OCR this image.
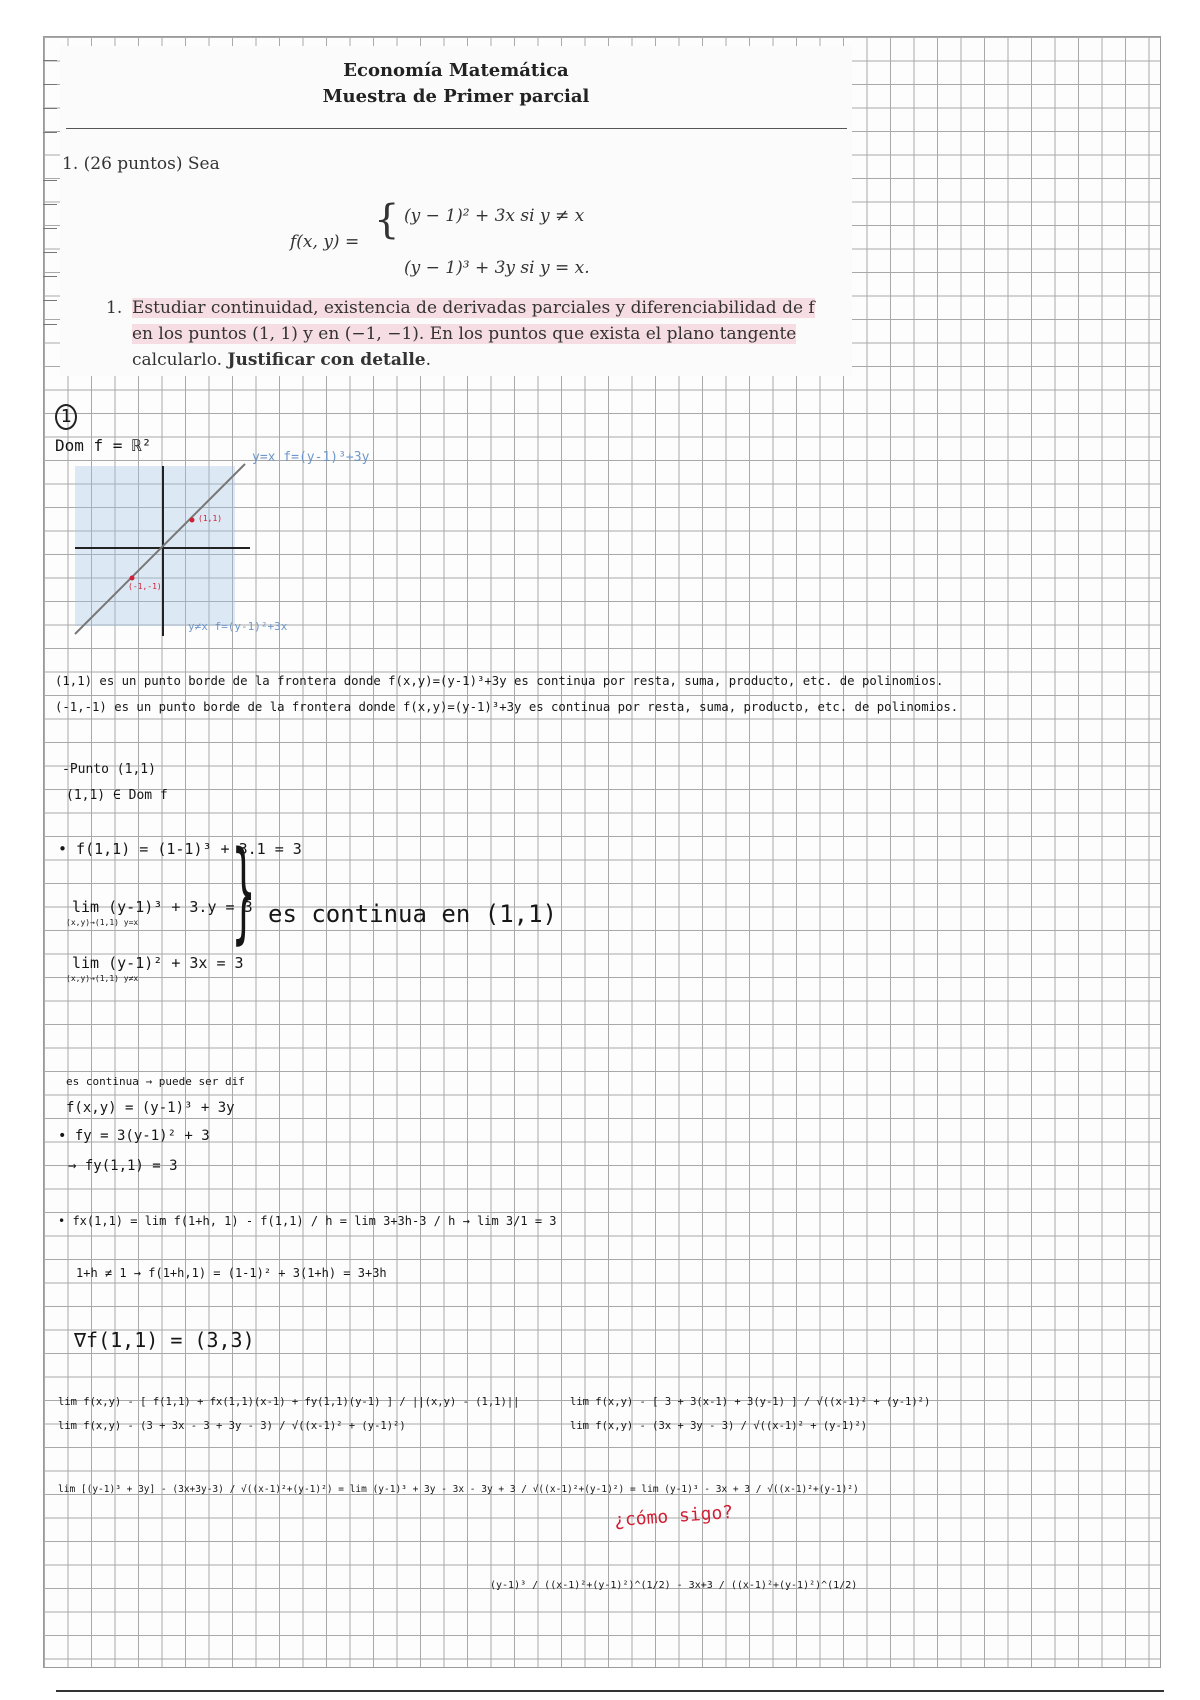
Economía Matemática
Muestra de Primer parcial
1. (26 puntos) Sea
f(x, y) = { (y − 1)² + 3x si y ≠ x
(y − 1)³ + 3y si y = x.
1. Estudiar continuidad, existencia de derivadas parciales y diferenciabilidad de f
en los puntos (1, 1) y en (−1, −1). En los puntos que exista el plano tangente
calcularlo. Justificar con detalle.
1
Dom f = ℝ²
(1,1)
(-1,-1)
y=x f=(y-1)³+3y
y≠x f=(y-1)²+3x
(1,1) es un punto borde de la frontera donde f(x,y)=(y-1)³+3y es continua por resta, suma, producto, etc. de polinomios.
(-1,-1) es un punto borde de la frontera donde f(x,y)=(y-1)³+3y es continua por resta, suma, producto, etc. de polinomios.
-Punto (1,1)
(1,1) ∈ Dom f
• f(1,1) = (1-1)³ + 3.1 = 3
lim (y-1)³ + 3.y = 3
(x,y)→(1,1) y=x
lim (y-1)² + 3x = 3
(x,y)→(1,1) y≠x
} es continua en (1,1)
es continua → puede ser dif
f(x,y) = (y-1)³ + 3y
• fy = 3(y-1)² + 3
→ fy(1,1) = 3
• fx(1,1) = lim f(1+h, 1) - f(1,1) / h = lim 3+3h-3 / h → lim 3/1 = 3
1+h ≠ 1 → f(1+h,1) = (1-1)² + 3(1+h) = 3+3h
∇f(1,1) = (3,3)
lim f(x,y) - [ f(1,1) + fx(1,1)(x-1) + fy(1,1)(y-1) ] / ||(x,y) - (1,1)||	lim f(x,y) - [ 3 + 3(x-1) + 3(y-1) ] / √((x-1)² + (y-1)²)
lim f(x,y) - (3 + 3x - 3 + 3y - 3) / √((x-1)² + (y-1)²)	lim f(x,y) - (3x + 3y - 3) / √((x-1)² + (y-1)²)
lim [(y-1)³ + 3y] - (3x+3y-3) / √((x-1)²+(y-1)²) = lim (y-1)³ + 3y - 3x - 3y + 3 / √((x-1)²+(y-1)²) = lim (y-1)³ - 3x + 3 / √((x-1)²+(y-1)²)
¿cómo sigo?
(y-1)³ / ((x-1)²+(y-1)²)^(1/2) - 3x+3 / ((x-1)²+(y-1)²)^(1/2)
